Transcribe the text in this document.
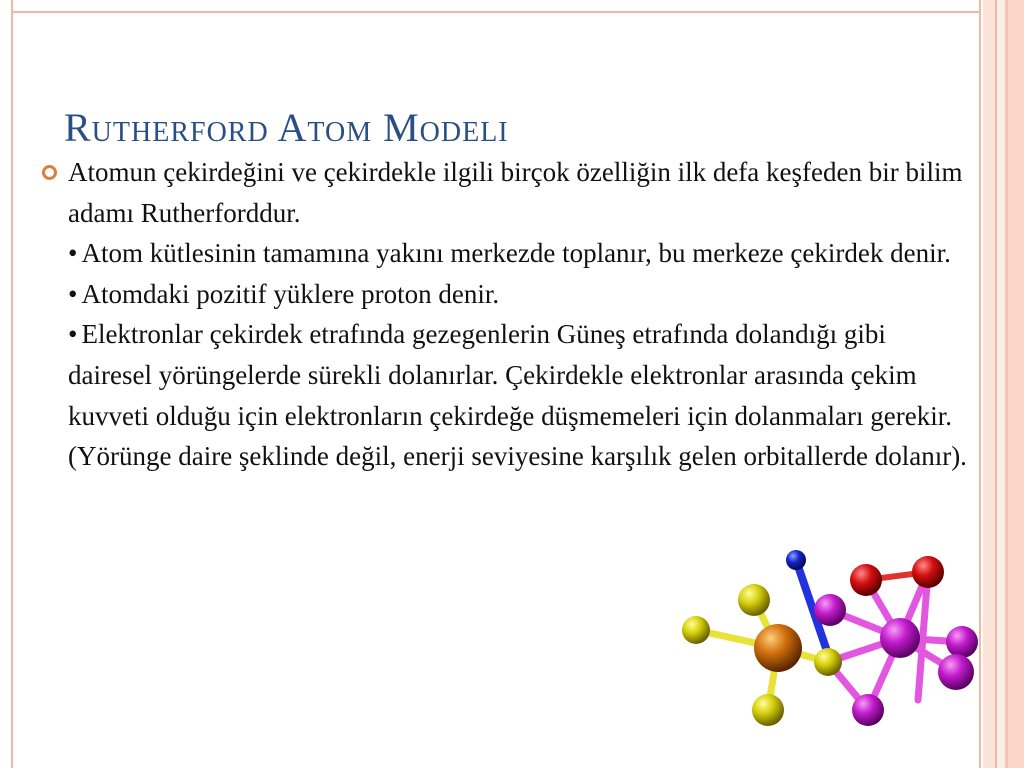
Rutherford Atom Modeli

Atomun çekirdeğini ve çekirdekle ilgili birçok özelliğin ilk defa keşfeden bir bilim adamı Rutherforddur.

• Atom kütlesinin tamamına yakını merkezde toplanır, bu merkeze çekirdek denir.

• Atomdaki pozitif yüklere proton denir.

• Elektronlar çekirdek etrafında gezegenlerin Güneş etrafında dolandığı gibi dairesel yörüngelerde sürekli dolanırlar. Çekirdekle elektronlar arasında çekim kuvveti olduğu için elektronların çekirdeğe düşmemeleri için dolanmaları gerekir. (Yörünge daire şeklinde değil, enerji seviyesine karşılık gelen orbitallerde dolanır).
